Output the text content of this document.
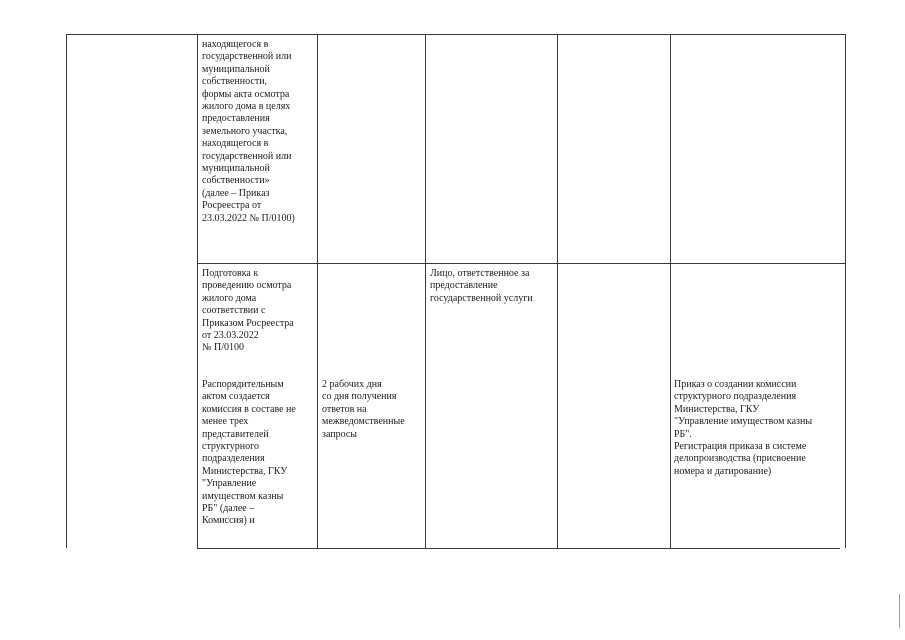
находящегося в
государственной или
муниципальной
собственности,
формы акта осмотра
жилого дома в целях
предоставления
земельного участка,
находящегося в
государственной или
муниципальной
собственности»
(далее – Приказ
Росреестра от
23.03.2022 № П/0100)
Подготовка к
проведению осмотра
жилого дома
соответствии с
Приказом Росреестра
от 23.03.2022
№ П/0100
Распорядительным
актом создается
комиссия в составе не
менее трех
представителей
структурного
подразделения
Министерства, ГКУ
"Управление
имуществом казны
РБ" (далее –
Комиссия) и
2 рабочих дня
со дня получения
ответов на
межведомственные
запросы
Лицо, ответственное за
предоставление
государственной услуги
Приказ о создании комиссии
структурного подразделения
Министерства, ГКУ
"Управление имуществом казны
РБ".
Регистрация приказа в системе
делопроизводства (присвоение
номера и датирование)
